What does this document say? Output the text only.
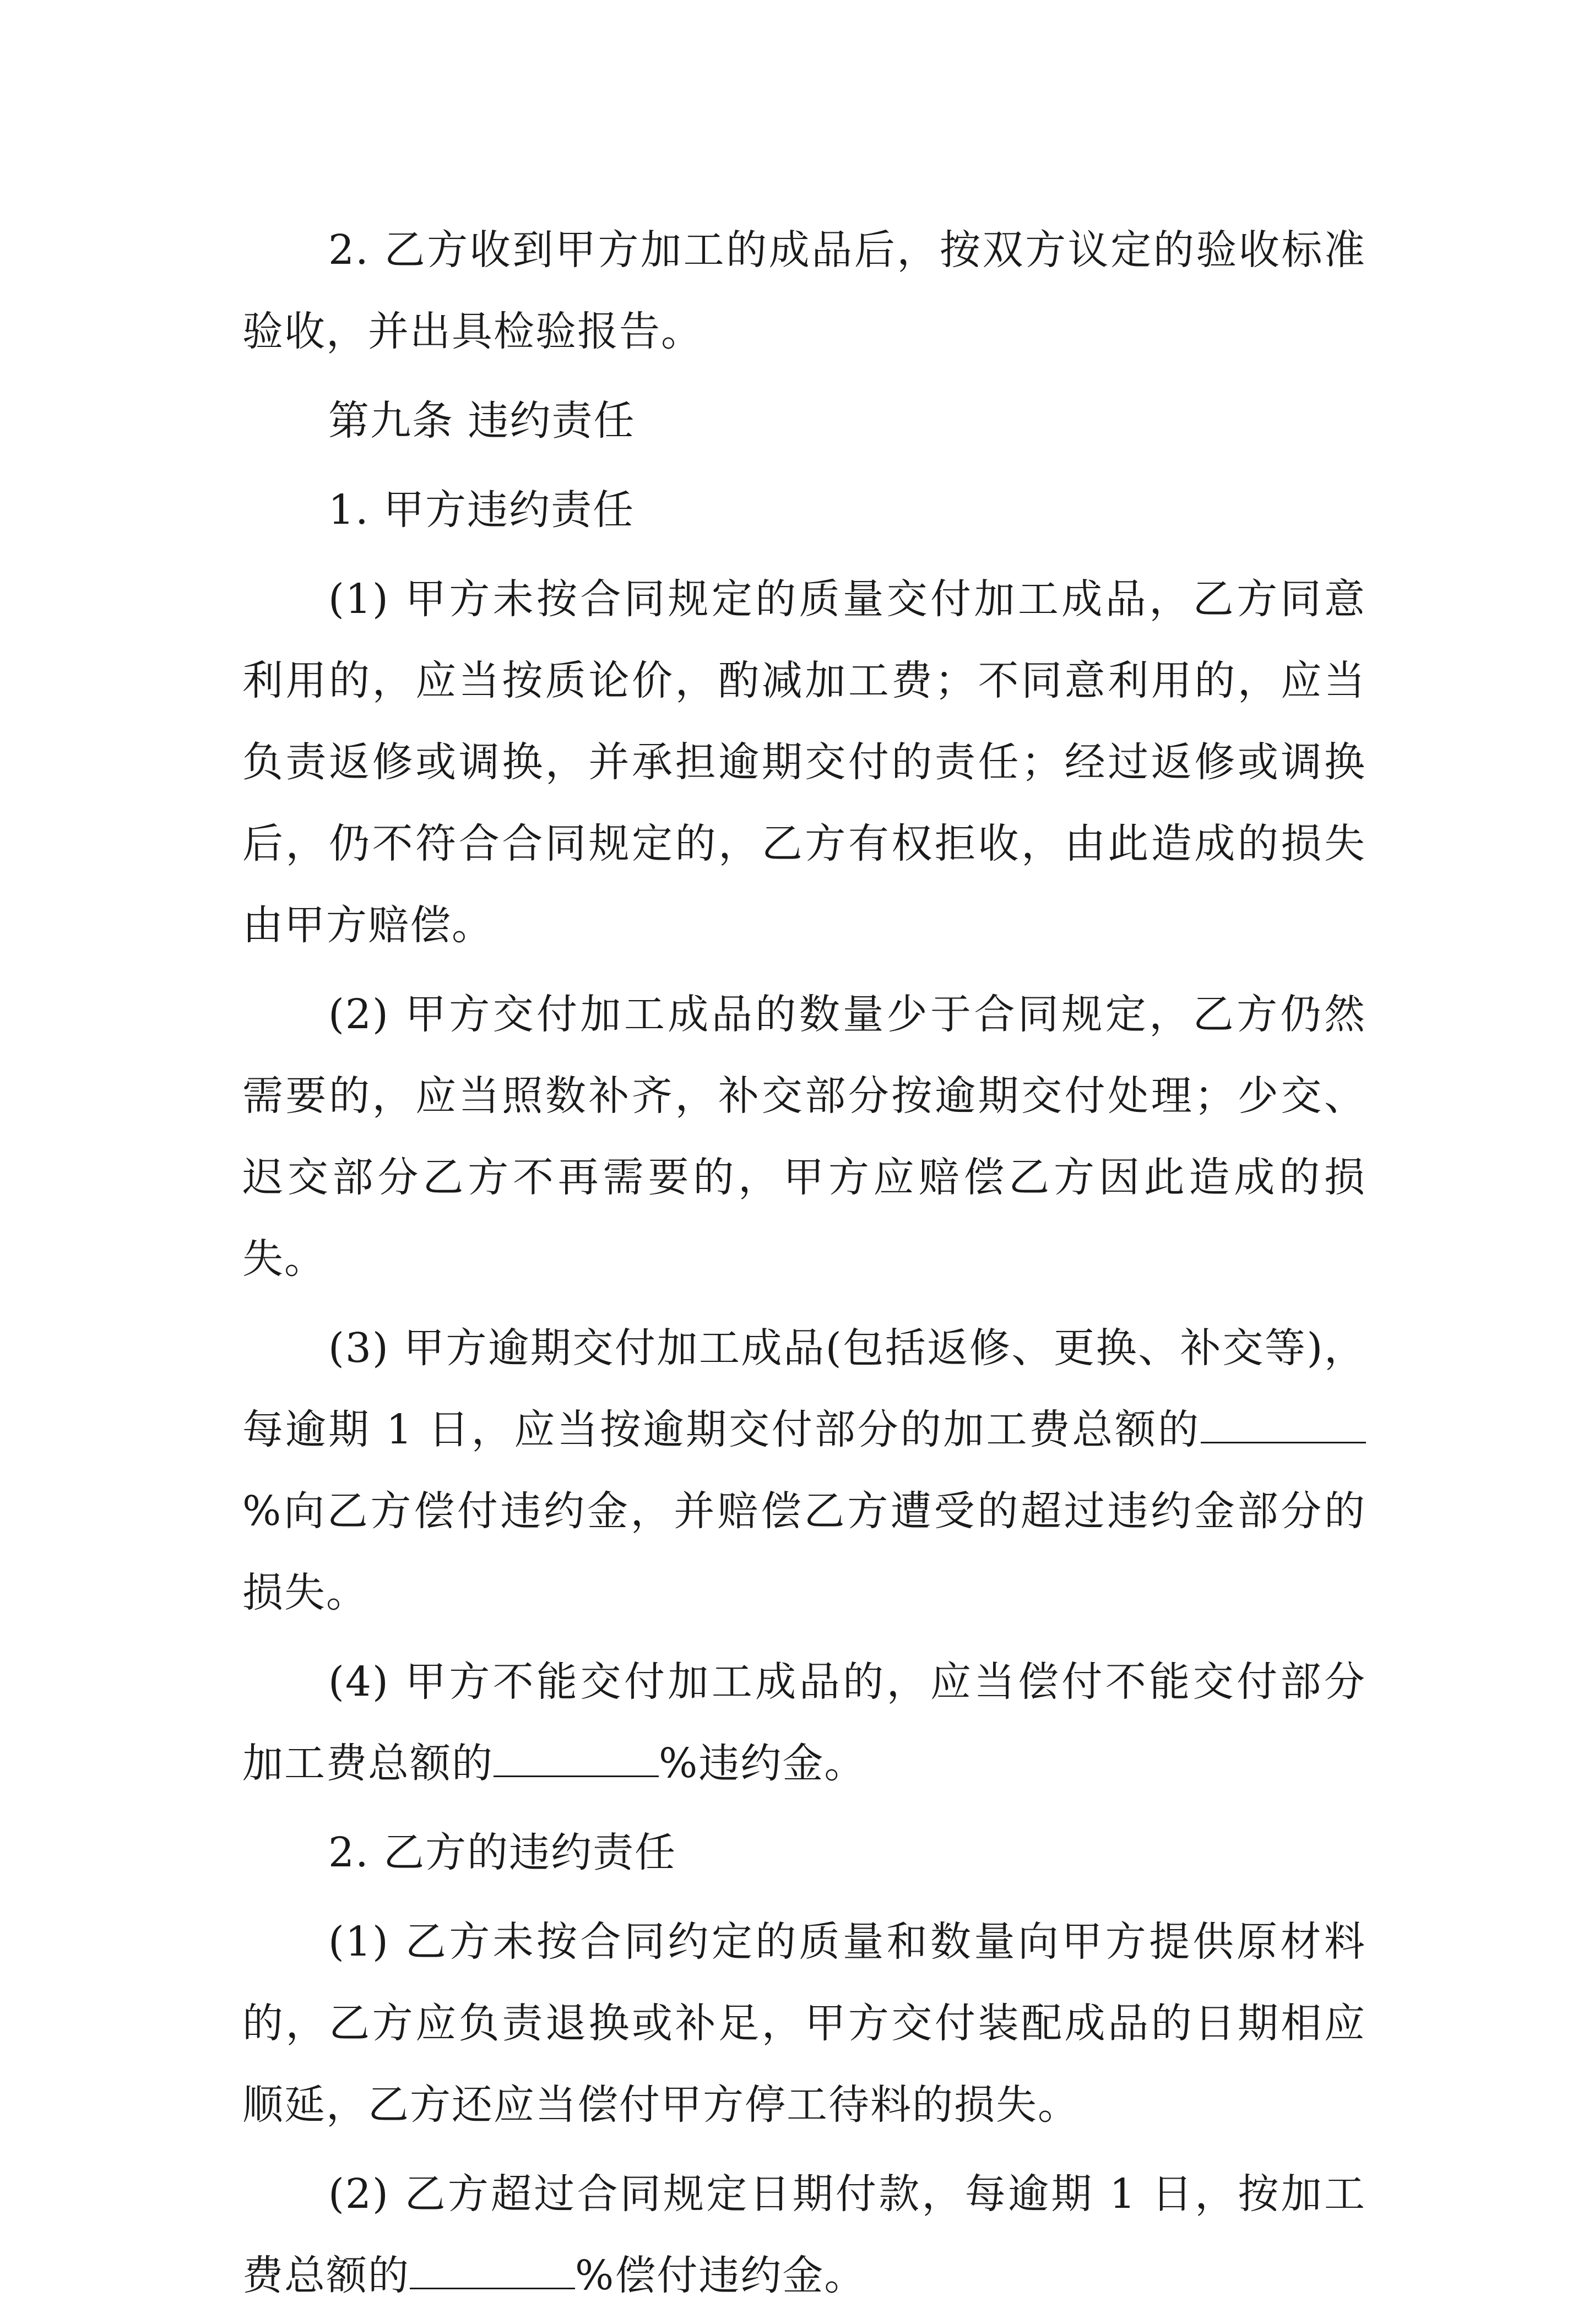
2. 乙方收到甲方加工的成品后，按双方议定的验收标准验收，并出具检验报告。

第九条 违约责任

1. 甲方违约责任

(1) 甲方未按合同规定的质量交付加工成品，乙方同意利用的，应当按质论价，酌减加工费；不同意利用的，应当负责返修或调换，并承担逾期交付的责任；经过返修或调换后，仍不符合合同规定的，乙方有权拒收，由此造成的损失由甲方赔偿。

(2) 甲方交付加工成品的数量少于合同规定，乙方仍然需要的，应当照数补齐，补交部分按逾期交付处理；少交、迟交部分乙方不再需要的，甲方应赔偿乙方因此造成的损失。

(3) 甲方逾期交付加工成品(包括返修、更换、补交等)，每逾期 1 日，应当按逾期交付部分的加工费总额的%向乙方偿付违约金，并赔偿乙方遭受的超过违约金部分的损失。

(4) 甲方不能交付加工成品的，应当偿付不能交付部分加工费总额的	%违约金。

2. 乙方的违约责任

(1) 乙方未按合同约定的质量和数量向甲方提供原材料的，乙方应负责退换或补足，甲方交付装配成品的日期相应顺延，乙方还应当偿付甲方停工待料的损失。

(2) 乙方超过合同规定日期付款，每逾期 1 日，按加工费总额的	%偿付违约金。
